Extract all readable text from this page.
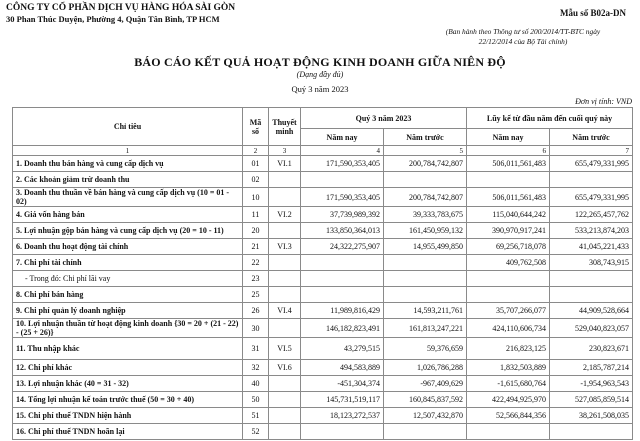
CÔNG TY CỔ PHẦN DỊCH VỤ HÀNG HÓA SÀI GÒN
30 Phan Thúc Duyện, Phường 4, Quận Tân Bình, TP HCM
Mẫu số B02a-DN
(Ban hành theo Thông tư số 200/2014/TT-BTC ngày
22/12/2014 của Bộ Tài chính)
BÁO CÁO KẾT QUẢ HOẠT ĐỘNG KINH DOANH GIỮA NIÊN ĐỘ
(Dạng đầy đủ)
Quý 3 năm 2023
Đơn vị tính: VND
Chỉ tiêu	Mã số	Thuyết minh	Quý 3 năm 2023		Lũy kế từ đầu năm đến cuối quý này	
			Năm nay	Năm trước	Năm nay	Năm trước
1	2	3	4	5	6	7
1. Doanh thu bán hàng và cung cấp dịch vụ	01	VI.1	171,590,353,405	200,784,742,807	506,011,561,483	655,479,331,995
2. Các khoản giảm trừ doanh thu	02					
3. Doanh thu thuần về bán hàng và cung cấp dịch vụ (10 = 01 - 02)	10		171,590,353,405	200,784,742,807	506,011,561,483	655,479,331,995
4. Giá vốn hàng bán	11	VI.2	37,739,989,392	39,333,783,675	115,040,644,242	122,265,457,762
5. Lợi nhuận gộp bán hàng và cung cấp dịch vụ (20 = 10 - 11)	20		133,850,364,013	161,450,959,132	390,970,917,241	533,213,874,203
6. Doanh thu hoạt động tài chính	21	VI.3	24,322,275,907	14,955,499,850	69,256,718,078	41,045,221,433
7. Chi phí tài chính	22				409,762,508	308,743,915
- Trong đó: Chi phí lãi vay	23					
8. Chi phí bán hàng	25					
9. Chi phí quản lý doanh nghiệp	26	VI.4	11,989,816,429	14,593,211,761	35,707,266,077	44,909,528,664
10. Lợi nhuận thuần từ hoạt động kinh doanh {30 = 20 + (21 - 22) - (25 + 26)}	30		146,182,823,491	161,813,247,221	424,110,606,734	529,040,823,057
11. Thu nhập khác	31	VI.5	43,279,515	59,376,659	216,823,125	230,823,671
12. Chi phí khác	32	VI.6	494,583,889	1,026,786,288	1,832,503,889	2,185,787,214
13. Lợi nhuận khác (40 = 31 - 32)	40		-451,304,374	-967,409,629	-1,615,680,764	-1,954,963,543
14. Tổng lợi nhuận kế toán trước thuế (50 = 30 + 40)	50		145,731,519,117	160,845,837,592	422,494,925,970	527,085,859,514
15. Chi phí thuế TNDN hiện hành	51		18,123,272,537	12,507,432,870	52,566,844,356	38,261,508,035
16. Chi phí thuế TNDN hoãn lại	52					
